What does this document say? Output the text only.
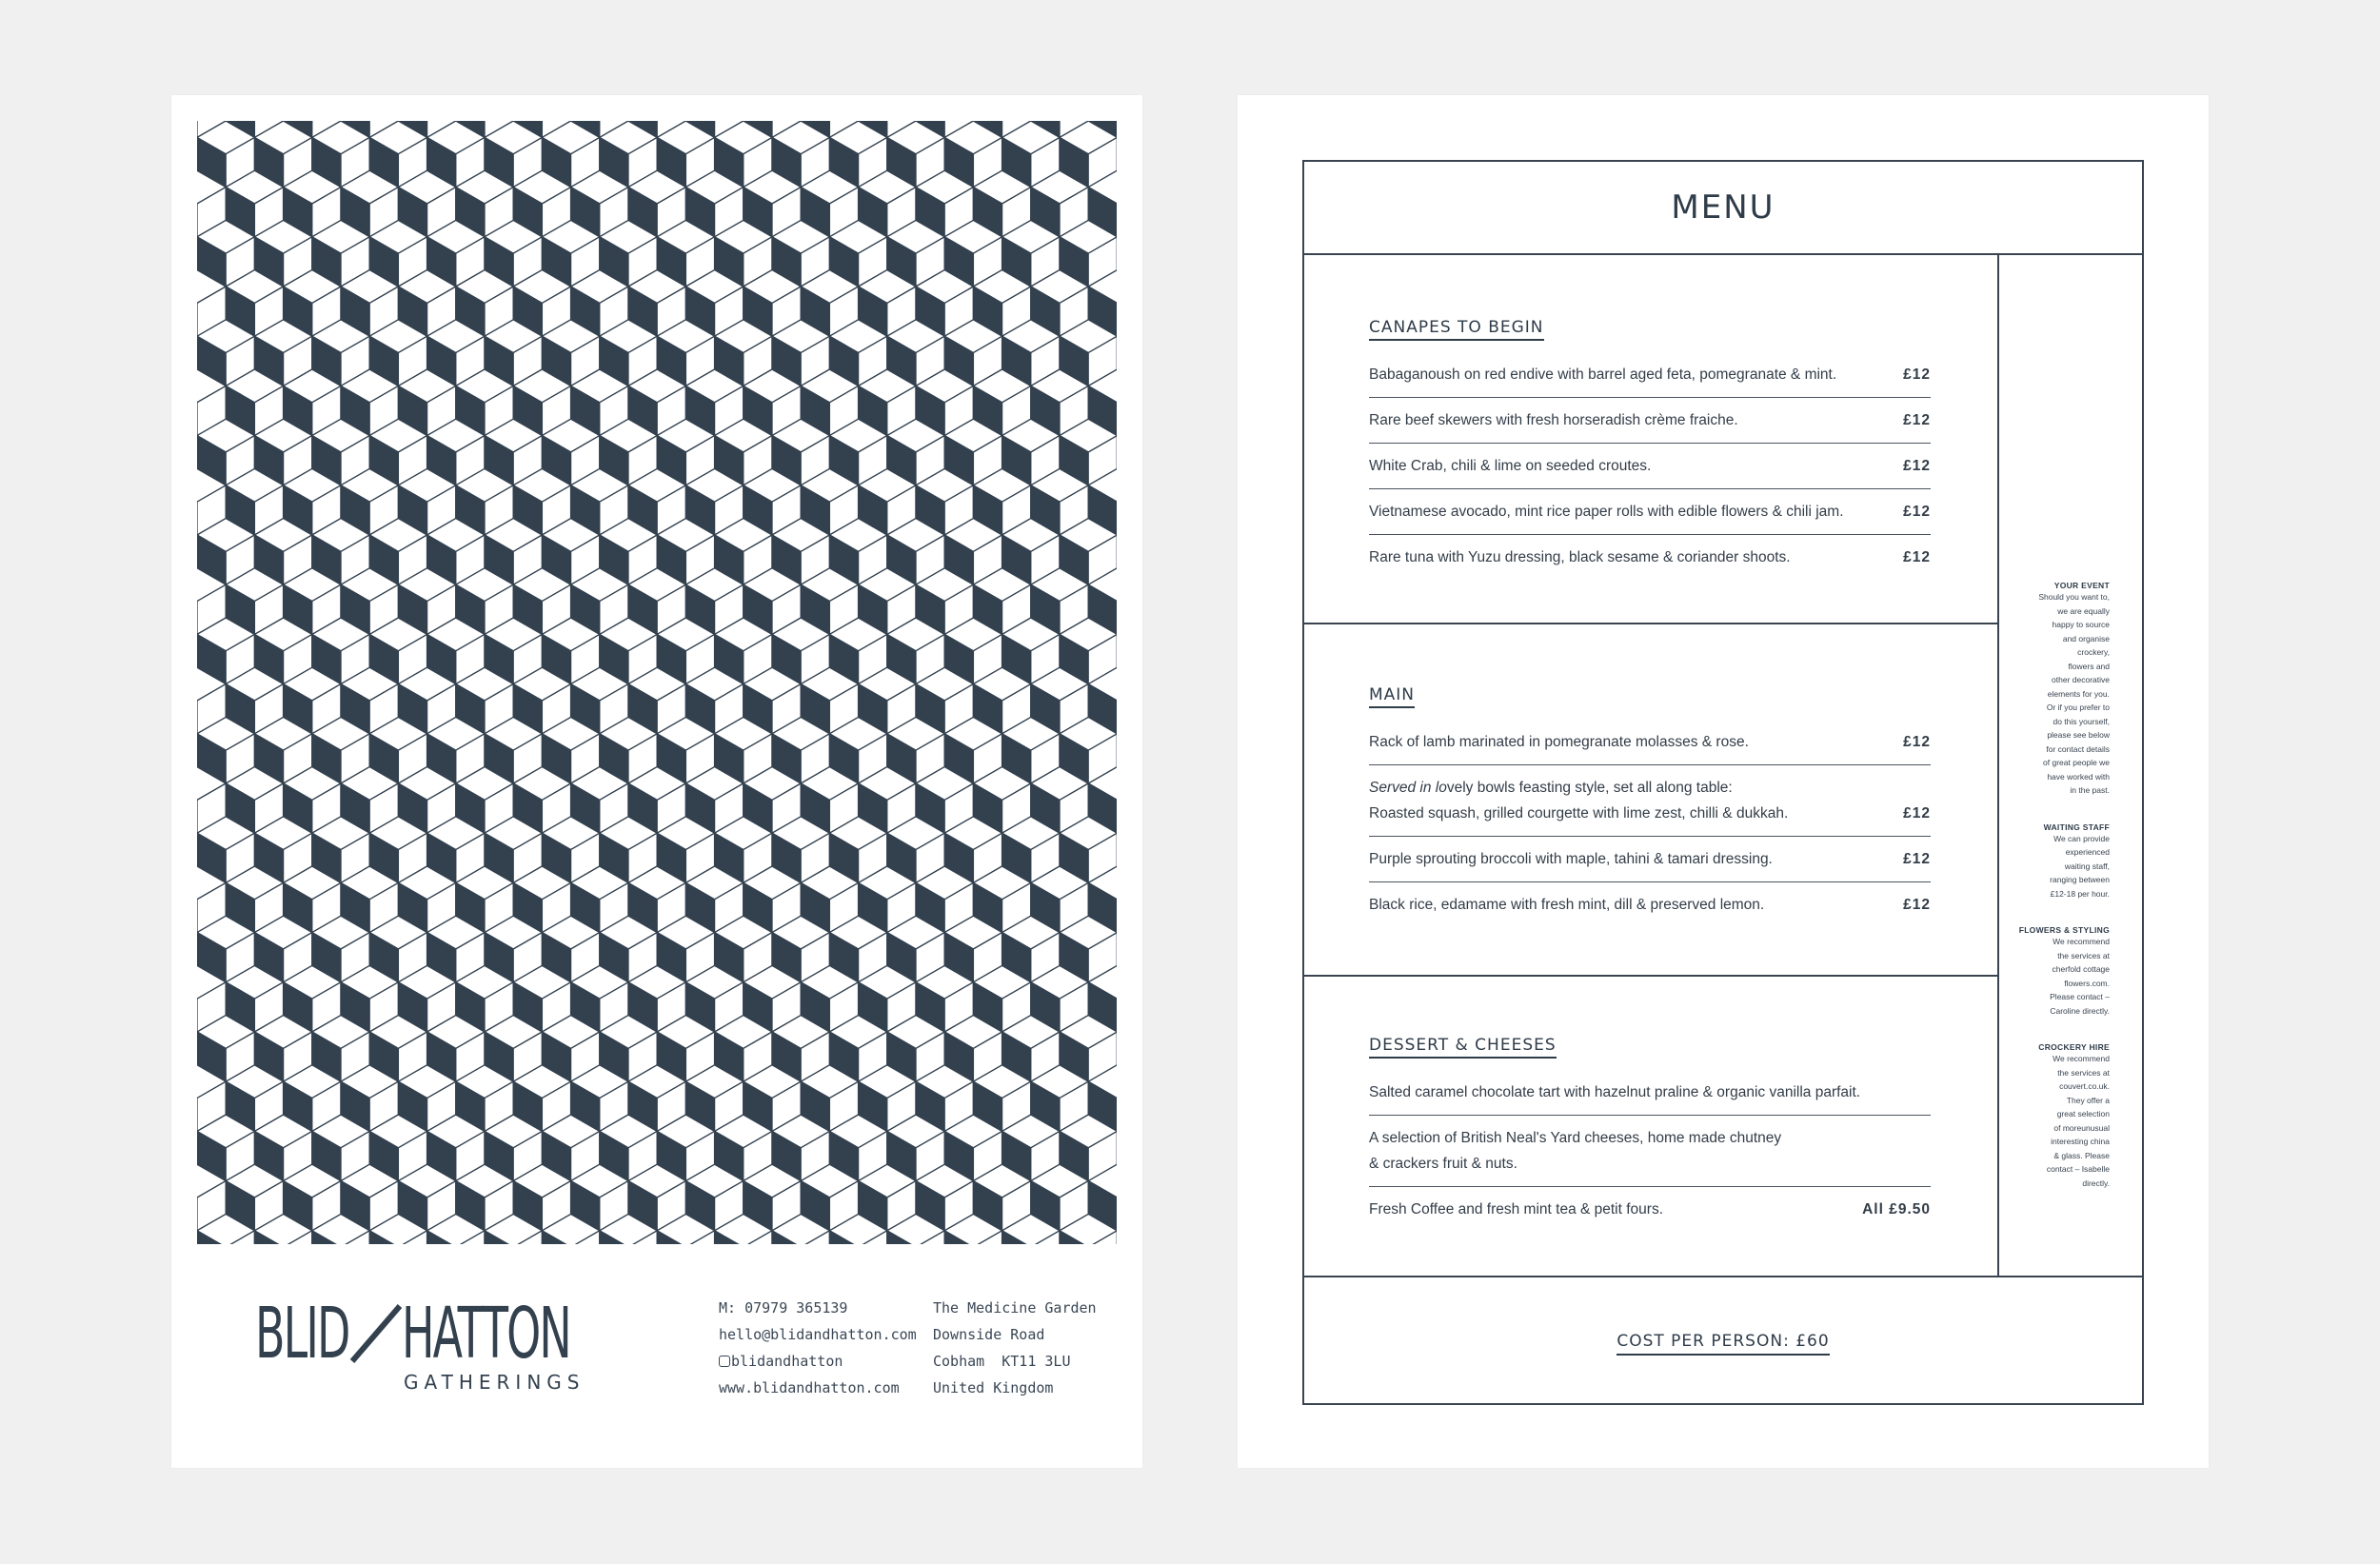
BLID HATTON
GATHERINGS
M: 07979 365139
hello@blidandhatton.com
blidandhatton
www.blidandhatton.com
The Medicine Garden
Downside Road
Cobham  KT11 3LU
United Kingdom
MENU
CANAPES TO BEGIN
Babaganoush on red endive with barrel aged feta, pomegranate & mint.	£12
Rare beef skewers with fresh horseradish crème fraiche.	£12
White Crab, chili & lime on seeded croutes.	£12
Vietnamese avocado, mint rice paper rolls with edible flowers & chili jam.	£12
Rare tuna with Yuzu dressing, black sesame & coriander shoots.	£12
MAIN
Rack of lamb marinated in pomegranate molasses & rose.	£12
Served in lovely bowls feasting style, set all along table:
Roasted squash, grilled courgette with lime zest, chilli & dukkah.	£12
Purple sprouting broccoli with maple, tahini & tamari dressing.	£12
Black rice, edamame with fresh mint, dill & preserved lemon.	£12
DESSERT & CHEESES
Salted caramel chocolate tart with hazelnut praline & organic vanilla parfait.
A selection of British Neal's Yard cheeses, home made chutney
& crackers fruit & nuts.
Fresh Coffee and fresh mint tea & petit fours.	All £9.50
YOUR EVENT
Should you want to,
we are equally
happy to source
and organise
crockery,
flowers and
other decorative
elements for you.
Or if you prefer to
do this yourself,
please see below
for contact details
of great people we
have worked with
in the past.
WAITING STAFF
We can provide
experienced
waiting staff,
ranging between
£12-18 per hour.
FLOWERS & STYLING
We recommend
the services at
cherfold cottage
flowers.com.
Please contact –
Caroline directly.
CROCKERY HIRE
We recommend
the services at
couvert.co.uk.
They offer a
great selection
of moreunusual
interesting china
& glass. Please
contact – Isabelle
directly.
COST PER PERSON: £60
